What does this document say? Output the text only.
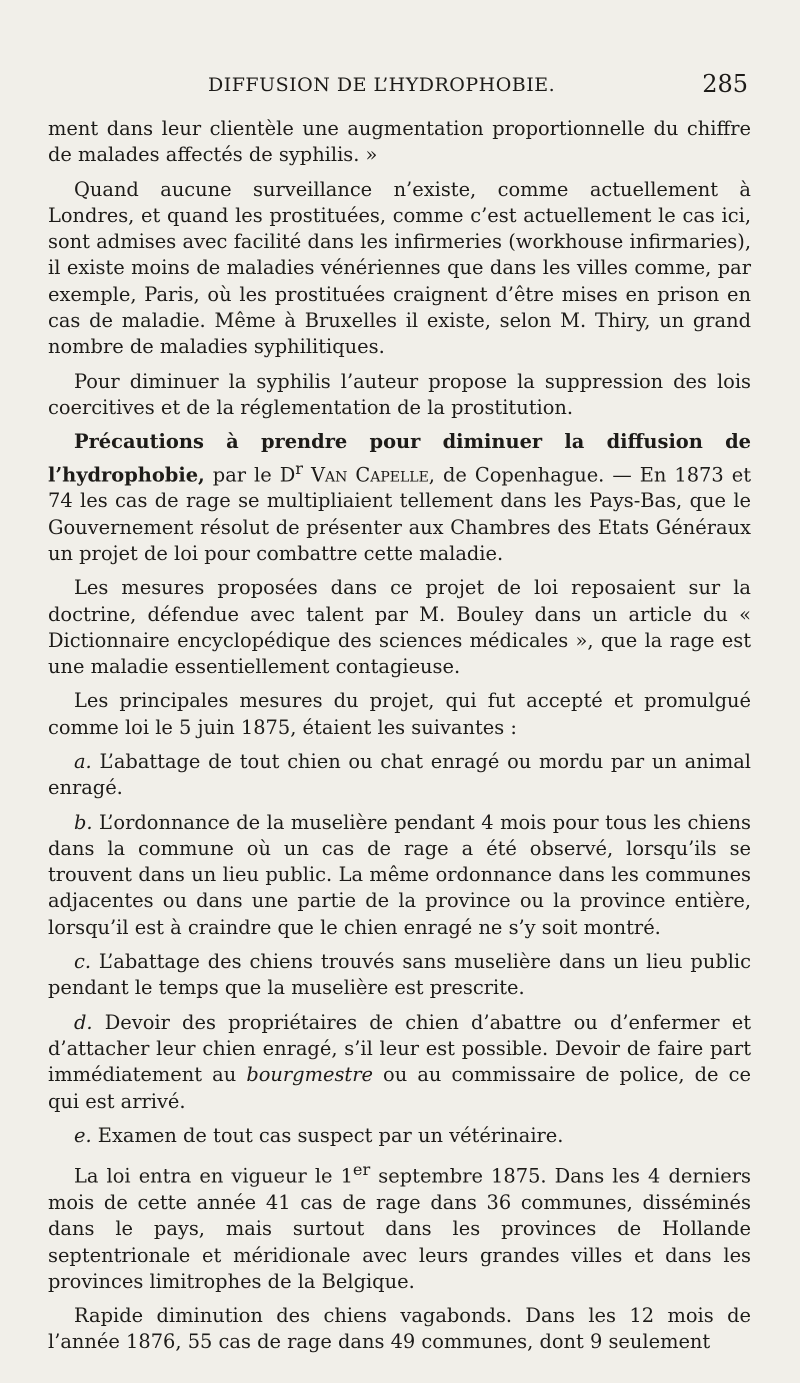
DIFFUSION DE L’HYDROPHOBIE.	285

ment dans leur clientèle une augmentation proportionnelle du chiffre de malades affectés de syphilis. »

Quand aucune surveillance n’existe, comme actuellement à Londres, et quand les prostituées, comme c’est actuellement le cas ici, sont admises avec facilité dans les infirmeries (workhouse infirmaries), il existe moins de maladies vénériennes que dans les villes comme, par exemple, Paris, où les prostituées craignent d’être mises en prison en cas de maladie. Même à Bruxelles il existe, selon M. Thiry, un grand nombre de maladies syphilitiques.

Pour diminuer la syphilis l’auteur propose la suppression des lois coercitives et de la réglementation de la prostitution.

Précautions à prendre pour diminuer la diffusion de l’hydrophobie, par le $D^r$ Van Capelle, de Copenhague. — En 1873 et 74 les cas de rage se multipliaient tellement dans les Pays-Bas, que le Gouvernement résolut de présenter aux Chambres des Etats Généraux un projet de loi pour combattre cette maladie.

Les mesures proposées dans ce projet de loi reposaient sur la doctrine, défendue avec talent par M. Bouley dans un article du « Dictionnaire encyclopédique des sciences médicales », que la rage est une maladie essentiellement contagieuse.

Les principales mesures du projet, qui fut accepté et promulgué comme loi le 5 juin 1875, étaient les suivantes :

a. L’abattage de tout chien ou chat enragé ou mordu par un animal enragé.

b. L’ordonnance de la muselière pendant 4 mois pour tous les chiens dans la commune où un cas de rage a été observé, lorsqu’ils se trouvent dans un lieu public. La même ordonnance dans les communes adjacentes ou dans une partie de la province ou la province entière, lorsqu’il est à craindre que le chien enragé ne s’y soit montré.

c. L’abattage des chiens trouvés sans muselière dans un lieu public pendant le temps que la muselière est prescrite.

d. Devoir des propriétaires de chien d’abattre ou d’enfermer et d’attacher leur chien enragé, s’il leur est possible. Devoir de faire part immédiatement au bourgmestre ou au commissaire de police, de ce qui est arrivé.

e. Examen de tout cas suspect par un vétérinaire.

La loi entra en vigueur le 1er septembre 1875. Dans les 4 derniers mois de cette année 41 cas de rage dans 36 communes, disséminés dans le pays, mais surtout dans les provinces de Hollande septentrionale et méridionale avec leurs grandes villes et dans les provinces limitrophes de la Belgique.

Rapide diminution des chiens vagabonds. Dans les 12 mois de l’année 1876, 55 cas de rage dans 49 communes, dont 9 seulement
